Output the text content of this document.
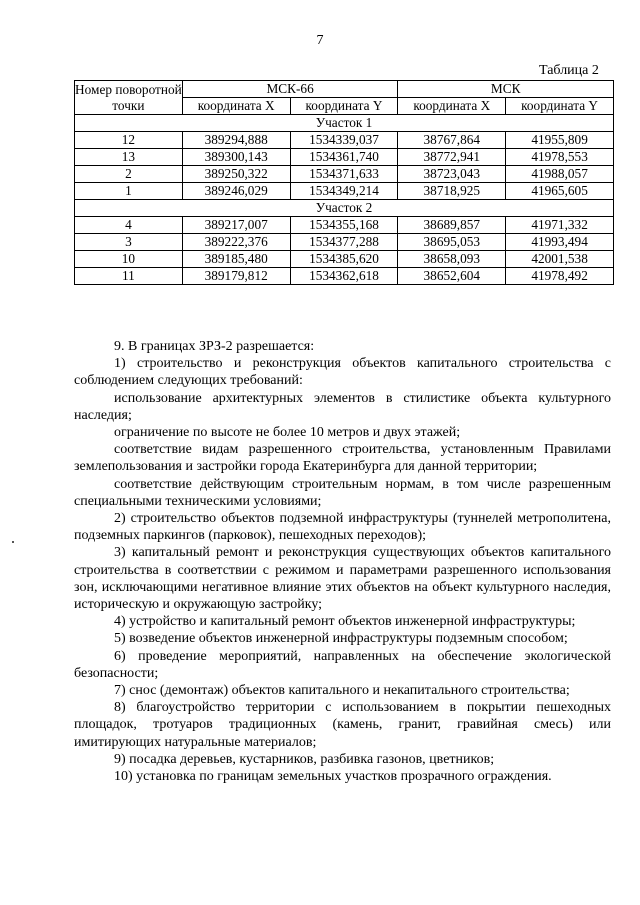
7
Таблица 2
Номер поворотной точки	МСК-66		МСК	
	координата X	координата Y	координата X	координата Y
Участок 1				
12	389294,888	1534339,037	38767,864	41955,809
13	389300,143	1534361,740	38772,941	41978,553
2	389250,322	1534371,633	38723,043	41988,057
1	389246,029	1534349,214	38718,925	41965,605
Участок 2				
4	389217,007	1534355,168	38689,857	41971,332
3	389222,376	1534377,288	38695,053	41993,494
10	389185,480	1534385,620	38658,093	42001,538
11	389179,812	1534362,618	38652,604	41978,492

9. В границах ЗРЗ-2 разрешается:

1) строительство и реконструкция объектов капитального строительства с соблюдением следующих требований:

использование архитектурных элементов в стилистике объекта культурного наследия;

ограничение по высоте не более 10 метров и двух этажей;

соответствие видам разрешенного строительства, установленным Правилами землепользования и застройки города Екатеринбурга для данной территории;

соответствие действующим строительным нормам, в том числе разрешенным специальными техническими условиями;

2) строительство объектов подземной инфраструктуры (туннелей метрополитена, подземных паркингов (парковок), пешеходных переходов);

3) капитальный ремонт и реконструкция существующих объектов капитального строительства в соответствии с режимом и параметрами разрешенного использования зон, исключающими негативное влияние этих объектов на объект культурного наследия, историческую и окружающую застройку;

4) устройство и капитальный ремонт объектов инженерной инфраструктуры;

5) возведение объектов инженерной инфраструктуры подземным способом;

6) проведение мероприятий, направленных на обеспечение экологической безопасности;

7) снос (демонтаж) объектов капитального и некапитального строительства;

8) благоустройство территории с использованием в покрытии пешеходных площадок, тротуаров традиционных (камень, гранит, гравийная смесь) или имитирующих натуральные материалов;

9) посадка деревьев, кустарников, разбивка газонов, цветников;

10) установка по границам земельных участков прозрачного ограждения.
